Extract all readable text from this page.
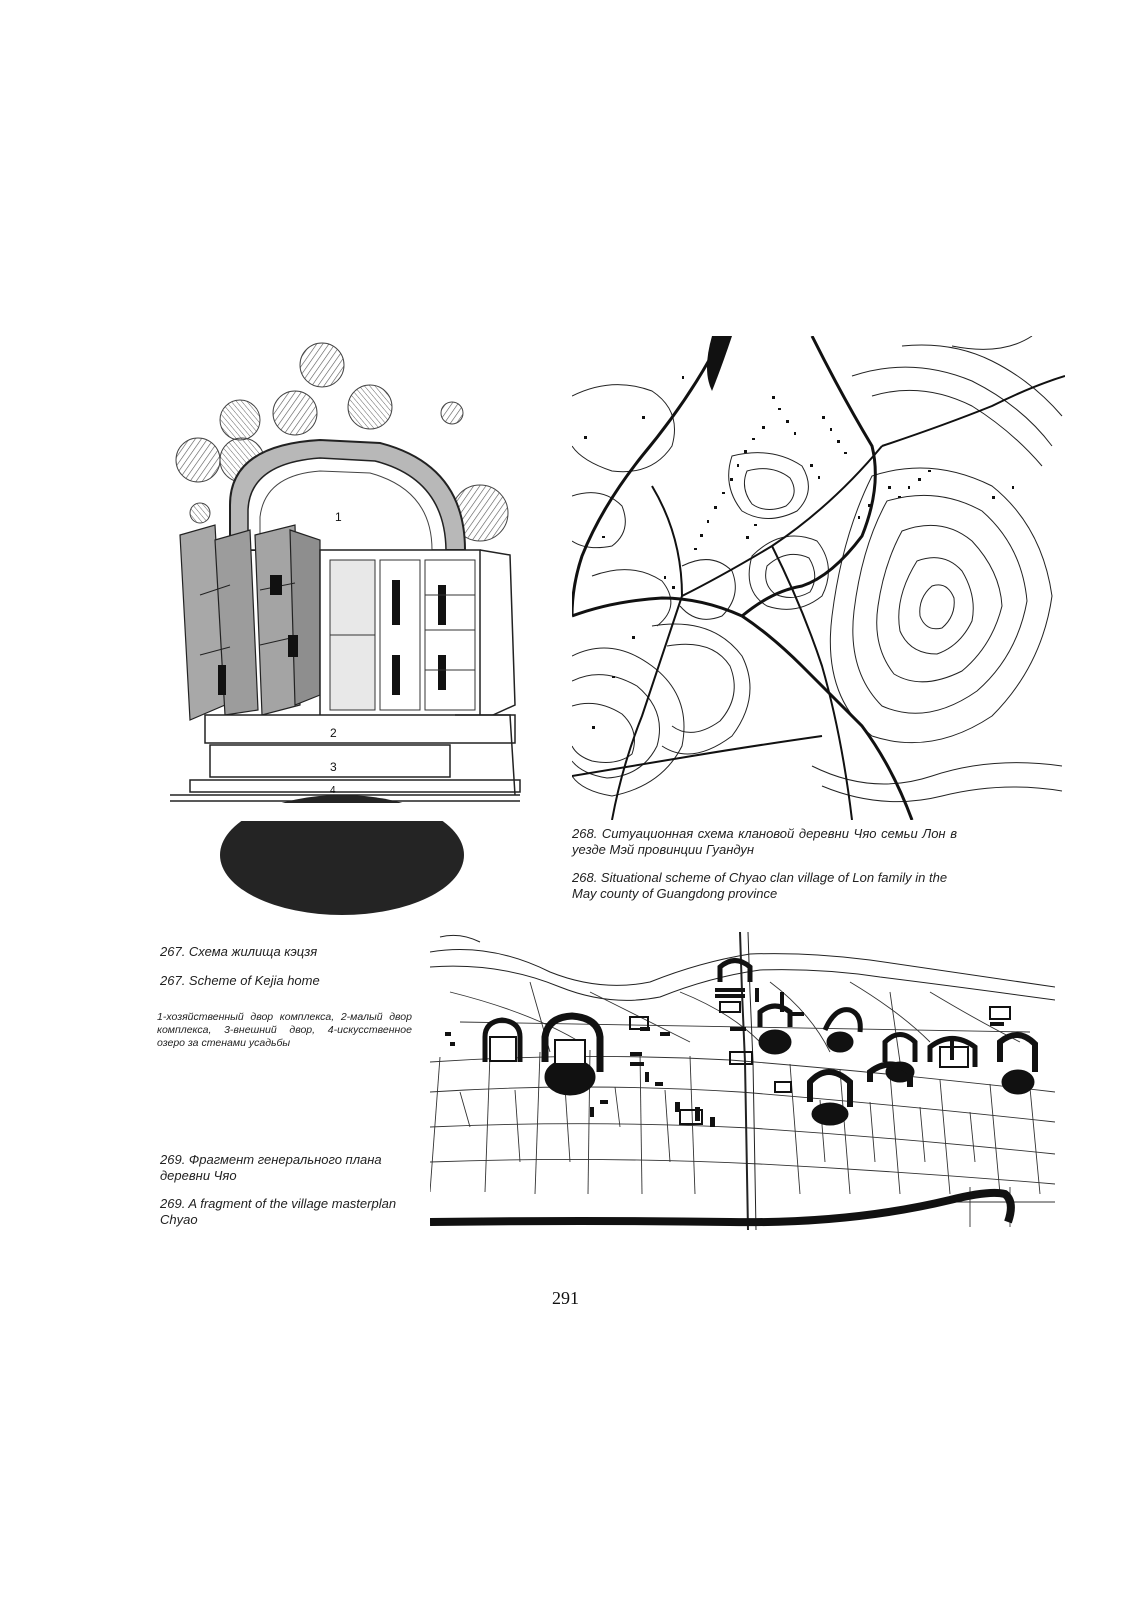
1
2
3
4

268. Ситуационная схема клановой деревни Чяо семьи Лон в уезде Мэй провинции Гуандун

268. Situational scheme of Chyao clan village of Lon family in the May county of Guangdong province

267. Схема жилища кэцзя

267. Scheme of Kejia home

1-хозяйственный двор комплекса, 2-малый двор комплекса, 3-внешний двор, 4-искусственное озеро за стенами усадьбы

269. Фрагмент генерального плана деревни Чяо

269. A fragment of the village masterplan Chyao

291
